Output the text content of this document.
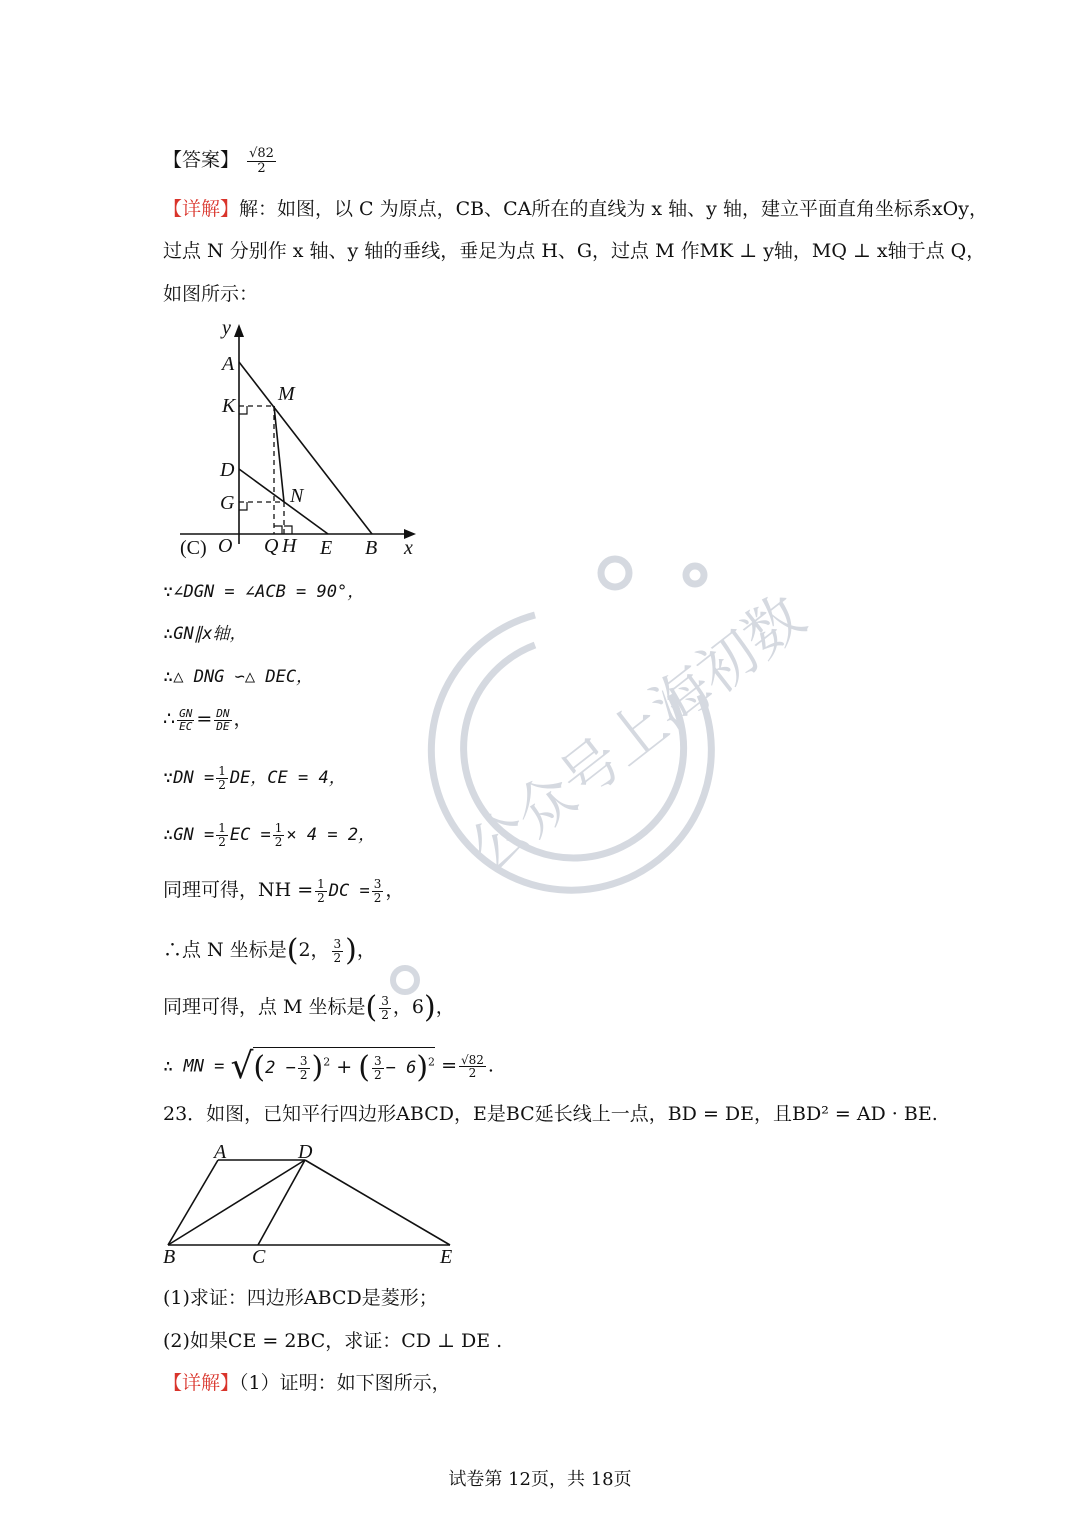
【答案】 $\frac{√82}{2}$
【详解】解：如图，以 C 为原点，CB、CA所在的直线为 x 轴、y 轴，建立平面直角坐标系xOy，
过点 N 分别作 x 轴、y 轴的垂线，垂足为点 H、G，过点 M 作MK ⊥ y轴，MQ ⊥ x轴于点 Q，
如图所示：
y
A
M
K
D
N
G
(C) O Q H E B x
公众号上海初数
∵∠DGN = ∠ACB = 90°，
∴GN∥x轴，
∴△ DNG ∽△ DEC，
∴ $\frac{GN}{EC} = \frac{DN}{DE}$ ，
∵DN = $\frac{1}{2}$ DE，CE = 4，
∴GN = $\frac{1}{2}$ EC = $\frac{1}{2} \times 4 = 2$，
同理可得，NH = $\frac{1}{2}$ DC = $\frac{3}{2}$ ，
∴点 N 坐标是(2， $\frac{3}{2}$ )，
同理可得，点 M 坐标是( $\frac{3}{2}$ ，6)，
∴ MN = $√(2 - \frac{3}{2} )^2$ + ( $\frac{3}{2} - 6)^2 = \frac{√82}{2}$ .
23．如图，已知平行四边形ABCD，E是BC延长线上一点，BD = DE，且BD² = AD · BE.
A	D
B	C	E
(1)求证：四边形ABCD是菱形；
(2)如果CE = 2BC，求证：CD ⊥ DE .
【详解】（1）证明：如下图所示，
试卷第 12页，共 18页
